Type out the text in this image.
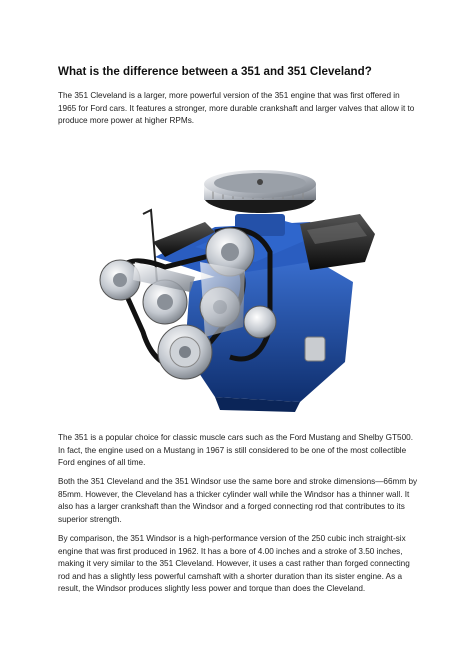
What is the difference between a 351 and 351 Cleveland?

The 351 Cleveland is a larger, more powerful version of the 351 engine that was first offered in 1965 for Ford cars. It features a stronger, more durable crankshaft and larger valves that allow it to produce more power at higher RPMs.

The 351 is a popular choice for classic muscle cars such as the Ford Mustang and Shelby GT500. In fact, the engine used on a Mustang in 1967 is still considered to be one of the most collectible Ford engines of all time.

Both the 351 Cleveland and the 351 Windsor use the same bore and stroke dimensions—66mm by 85mm. However, the Cleveland has a thicker cylinder wall while the Windsor has a thinner wall. It also has a larger crankshaft than the Windsor and a forged connecting rod that contributes to its superior strength.

By comparison, the 351 Windsor is a high-performance version of the 250 cubic inch straight-six engine that was first produced in 1962. It has a bore of 4.00 inches and a stroke of 3.50 inches, making it very similar to the 351 Cleveland. However, it uses a cast rather than forged connecting rod and has a slightly less powerful camshaft with a shorter duration than its sister engine. As a result, the Windsor produces slightly less power and torque than does the Cleveland.
